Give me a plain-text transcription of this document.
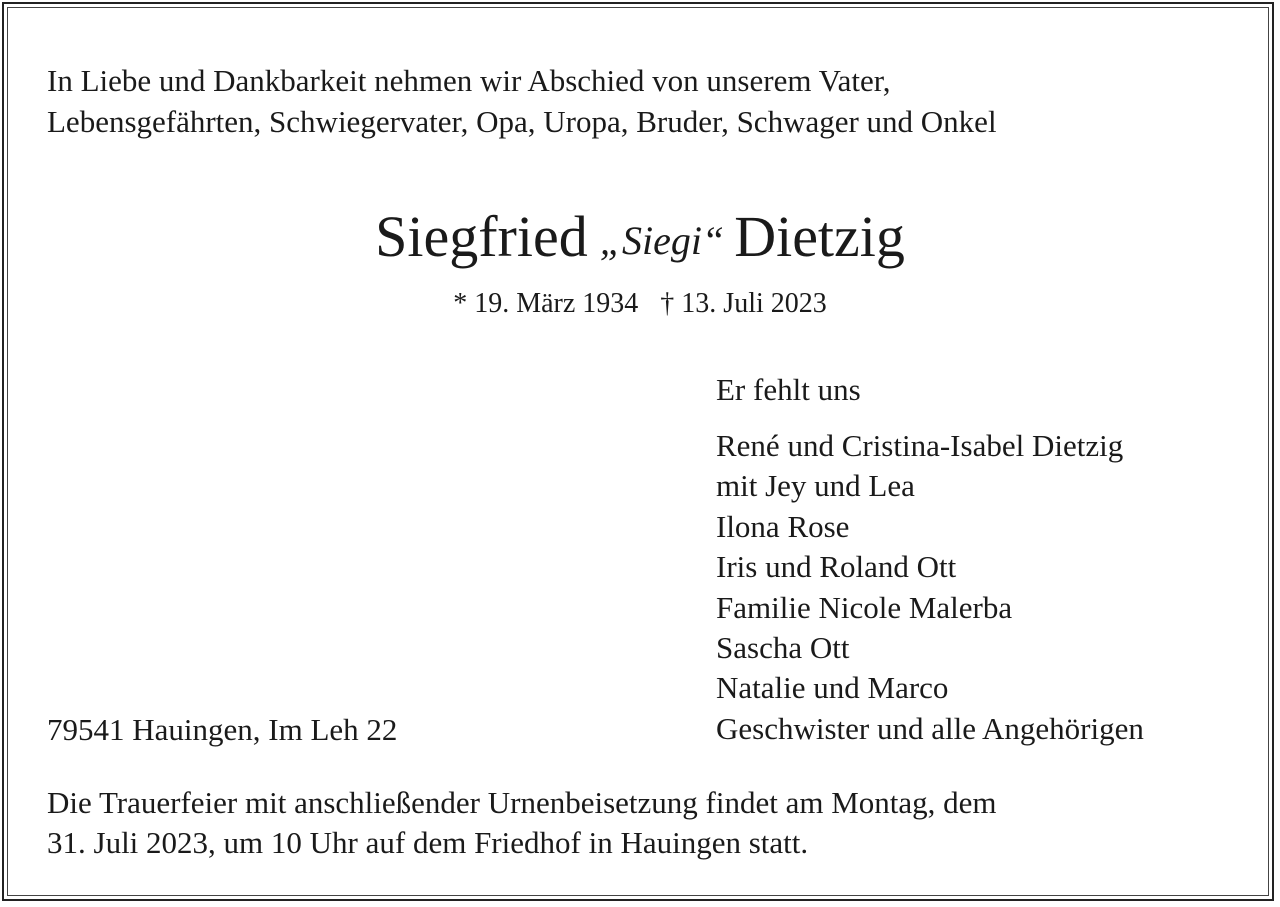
In Liebe und Dankbarkeit nehmen wir Abschied von unserem Vater,
Lebensgefährten, Schwiegervater, Opa, Uropa, Bruder, Schwager und Onkel
Siegfried „Siegi“ Dietzig
* 19. März 1934 † 13. Juli 2023
Er fehlt uns
René und Cristina-Isabel Dietzig
mit Jey und Lea
Ilona Rose
Iris und Roland Ott
Familie Nicole Malerba
Sascha Ott
Natalie und Marco
Geschwister und alle Angehörigen
79541 Hauingen, Im Leh 22
Die Trauerfeier mit anschließender Urnenbeisetzung findet am Montag, dem
31. Juli 2023, um 10 Uhr auf dem Friedhof in Hauingen statt.
